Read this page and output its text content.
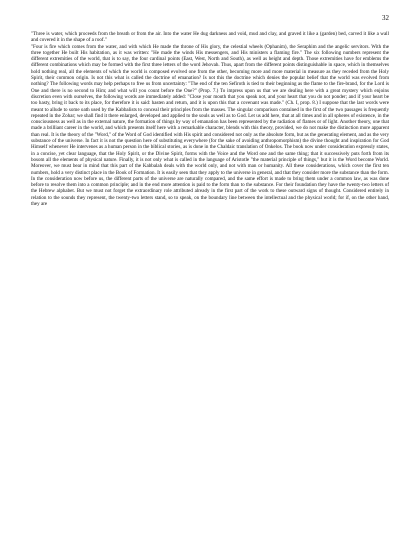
32

"Three is water, which proceeds from the breath or from the air. Into the water He dug darkness and void, mud and clay, and graved it like a (garden) bed, carved it like a wall and covered it in the shape of a roof."

"Four is fire which comes from the water, and with which He made the throne of His glory, the celestial wheels (Ophanim), the Seraphim and the angelic servitors. With the three together He built His habitation, as it was written: "He made the winds His messengers, and His ministers a flaming fire." The six following numbers represent the different extremities of the world, that is to say, the four cardinal points (East, West, North and South), as well as height and depth. Those extremities have for emblems the different combinations which may be formed with the first three letters of the word Jehovah. Thus, apart from the different points distinguishable in space, which in themselves hold nothing real, all the elements of which the world is composed evolved one from the other, becoming more and more material in measure as they receded from the Holy Spirit, their common origin. Is not this what is called the doctrine of emanation? Is not this the doctrine which denies the popular belief that the world was evolved from nothing? The following words may help perhaps to free us from uncertainty: "The end of the ten Sefiroth is tied to their beginning as the flame to the fire-brand, for the Lord is One and there is no second to Him; and what will you count before the One?" (Prop. 7.) To impress upon us that we are dealing here with a great mystery which enjoins discretion even with ourselves, the following words are immediately added: "Close your mouth that you speak not, and your heart that you do not ponder; and if your heart be too hasty, bring it back to its place, for therefore it is said: hasten and return, and it is upon this that a covenant was made." (Ch. I, prop. 8.) I suppose that the last words were meant to allude to some oath used by the Kabbalists to conceal their principles from the masses. The singular comparison contained in the first of the two passages is frequently repeated in the Zohar; we shall find it there enlarged, developed and applied to the souls as well as to God. Let us add here, that at all times and in all spheres of existence, in the consciousness as well as in the external nature, the formation of things by way of emanation has been represented by the radiation of flames or of light. Another theory, one that made a brilliant career in the world, and which presents itself here with a remarkable character, blends with this theory, provided, we do not make the distinction more apparent than real. It is the theory of the "Word," of the Word of God identified with His spirit and considered not only as the absolute form, but as the generating element, and as the very substance of the universe. In fact it is not the question here of substituting everywhere (for the sake of avoiding anthropomorphism) the divine thought and inspiration for God Himself whenever He intervenes as a human person in the biblical stories, as is done in the Chaldaic translation of Onkelos. The book now under consideration expressly states, in a concise, yet clear language, that the Holy Spirit, or the Divine Spirit, forms with the Voice and the Word one and the same thing; that it successively puts forth from its bosom all the elements of physical nature. Finally, it is not only what is called in the language of Aristotle "the material principle of things," but it is the Word become World. Moreover, we must bear in mind that this part of the Kabbalah deals with the world only, and not with man or humanity. All these considerations, which cover the first ten numbers, hold a very distinct place in the Book of Formation. It is easily seen that they apply to the universe in general, and that they consider more the substance than the form. In the consideration now before us, the different parts of the universe are naturally compared, and the same effort is made to bring them under a common law, as was done before to resolve them into a common principle; and in the end more attention is paid to the form than to the substance. For their foundation they have the twenty-two letters of the Hebrew alphabet. But we must not forget the extraordinary role attributed already in the first part of the work to these outward signs of thought. Considered entirely in relation to the sounds they represent, the twenty-two letters stand, so to speak, on the boundary line between the intellectual and the physical world; for if, on the other hand, they are
